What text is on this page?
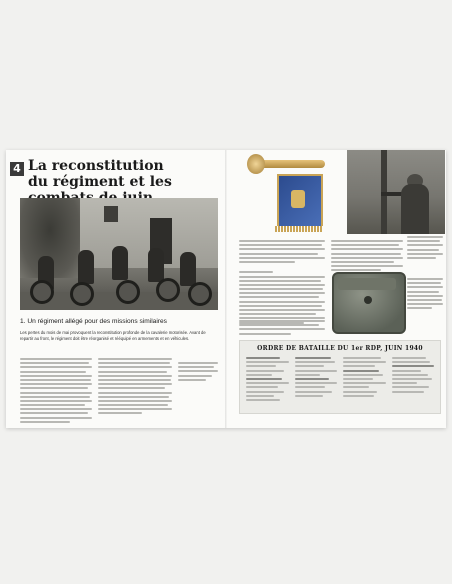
4 La reconstitution du régiment et les
1. Un régiment allégé pour des missions similaires
Les pertes du mois de mai provoquent la reconstitution profonde de la cavalerie motorisée. Avant de repartir au front, le régiment doit être réorganisé et rééquipé en armements et en véhicules.
ORDRE DE BATAILLE DU 1er RDP, JUIN 1940
